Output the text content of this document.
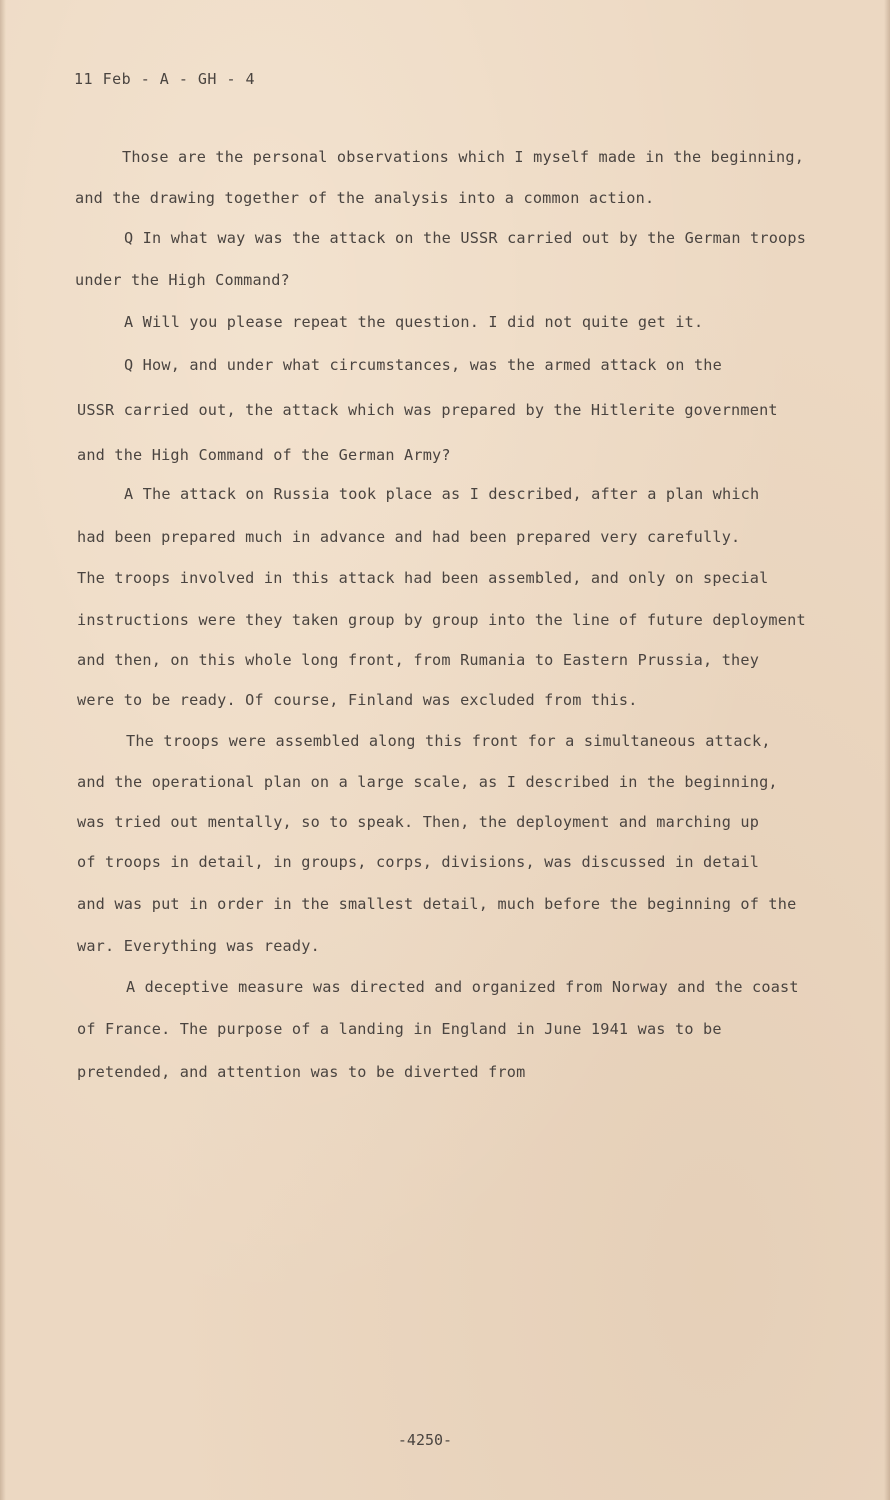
11 Feb - A - GH - 4
Those are the personal observations which I myself made in the beginning,
and the drawing together of the analysis into a common action.
Q In what way was the attack on the USSR carried out by the German troops
under the High Command?
A Will you please repeat the question. I did not quite get it.
Q How, and under what circumstances, was the armed attack on the
USSR carried out, the attack which was prepared by the Hitlerite government
and the High Command of the German Army?
A The attack on Russia took place as I described, after a plan which
had been prepared much in advance and had been prepared very carefully.
The troops involved in this attack had been assembled, and only on special
instructions were they taken group by group into the line of future deployment
and then, on this whole long front, from Rumania to Eastern Prussia, they
were to be ready. Of course, Finland was excluded from this.
The troops were assembled along this front for a simultaneous attack,
and the operational plan on a large scale, as I described in the beginning,
was tried out mentally, so to speak. Then, the deployment and marching up
of troops in detail, in groups, corps, divisions, was discussed in detail
and was put in order in the smallest detail, much before the beginning of the
war. Everything was ready.
A deceptive measure was directed and organized from Norway and the coast
of France. The purpose of a landing in England in June 1941 was to be
pretended, and attention was to be diverted from
-4250-
